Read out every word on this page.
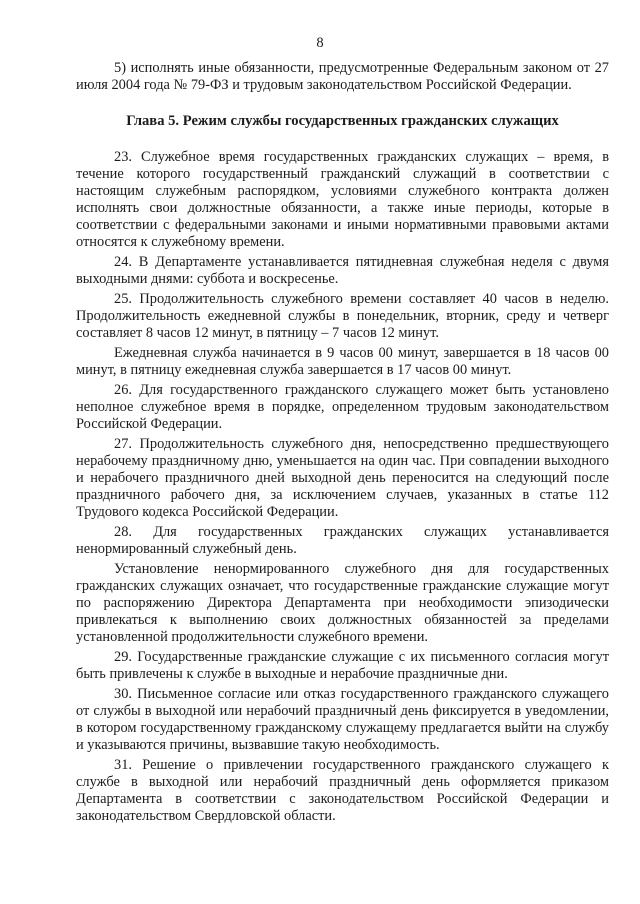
8

5) исполнять иные обязанности, предусмотренные Федеральным законом от 27 июля 2004 года № 79-ФЗ и трудовым законодательством Российской Федерации.

Глава 5. Режим службы государственных гражданских служащих

23. Служебное время государственных гражданских служащих – время, в течение которого государственный гражданский служащий в соответствии с настоящим служебным распорядком, условиями служебного контракта должен исполнять свои должностные обязанности, а также иные периоды, которые в соответствии с федеральными законами и иными нормативными правовыми актами относятся к служебному времени.

24. В Департаменте устанавливается пятидневная служебная неделя с двумя выходными днями: суббота и воскресенье.

25. Продолжительность служебного времени составляет 40 часов в неделю. Продолжительность ежедневной службы в понедельник, вторник, среду и четверг составляет 8 часов 12 минут, в пятницу – 7 часов 12 минут.

Ежедневная служба начинается в 9 часов 00 минут, завершается в 18 часов 00 минут, в пятницу ежедневная служба завершается в 17 часов 00 минут.

26. Для государственного гражданского служащего может быть установлено неполное служебное время в порядке, определенном трудовым законодательством Российской Федерации.

27. Продолжительность служебного дня, непосредственно предшествующего нерабочему праздничному дню, уменьшается на один час. При совпадении выходного и нерабочего праздничного дней выходной день переносится на следующий после праздничного рабочего дня, за исключением случаев, указанных в статье 112 Трудового кодекса Российской Федерации.

28. Для государственных гражданских служащих устанавливается ненормированный служебный день.

Установление ненормированного служебного дня для государственных гражданских служащих означает, что государственные гражданские служащие могут по распоряжению Директора Департамента при необходимости эпизодически привлекаться к выполнению своих должностных обязанностей за пределами установленной продолжительности служебного времени.

29. Государственные гражданские служащие с их письменного согласия могут быть привлечены к службе в выходные и нерабочие праздничные дни.

30. Письменное согласие или отказ государственного гражданского служащего от службы в выходной или нерабочий праздничный день фиксируется в уведомлении, в котором государственному гражданскому служащему предлагается выйти на службу и указываются причины, вызвавшие такую необходимость.

31. Решение о привлечении государственного гражданского служащего к службе в выходной или нерабочий праздничный день оформляется приказом Департамента в соответствии с законодательством Российской Федерации и законодательством Свердловской области.
